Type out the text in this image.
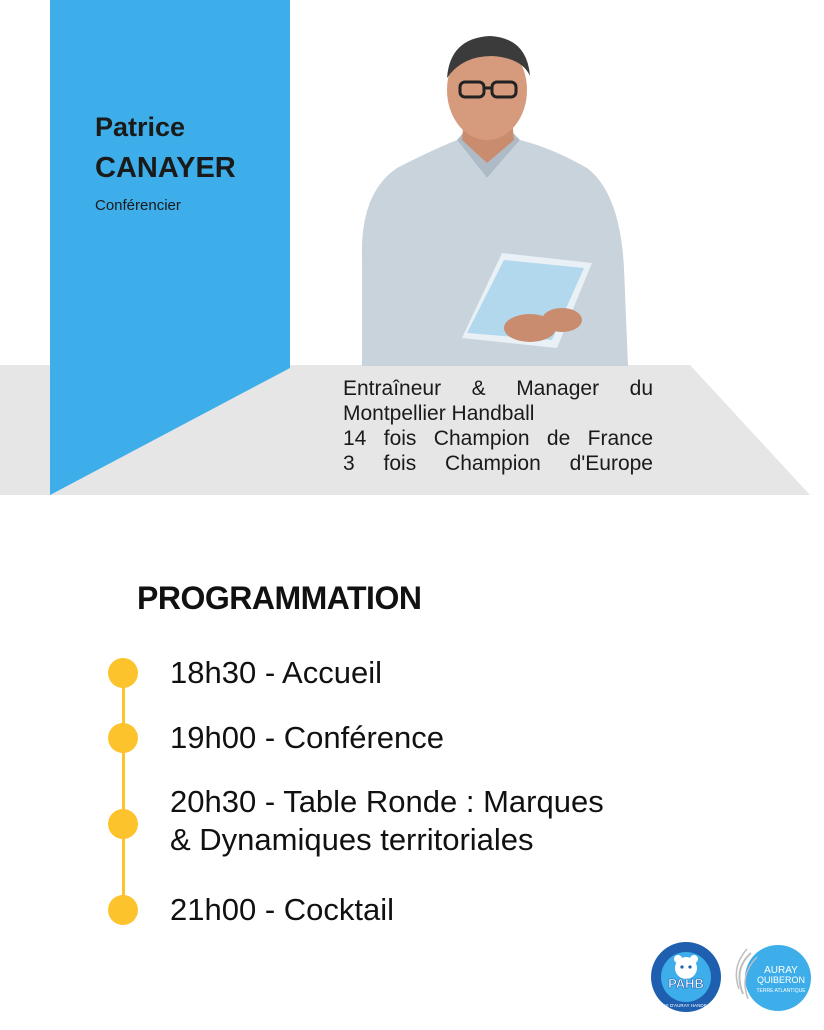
Patrice
CANAYER
Conférencier
Entraîneur & Manager du
Montpellier Handball
14 fois Champion de France
3 fois Champion d'Europe
PROGRAMMATION
18h30 - Accueil
19h00 - Conférence
20h30 - Table Ronde : Marques
& Dynamiques territoriales
21h00 - Cocktail
PAHB
PAYS D'AURAY HANDBALL
AURAY
QUIBERON
TERRE ATLANTIQUE
